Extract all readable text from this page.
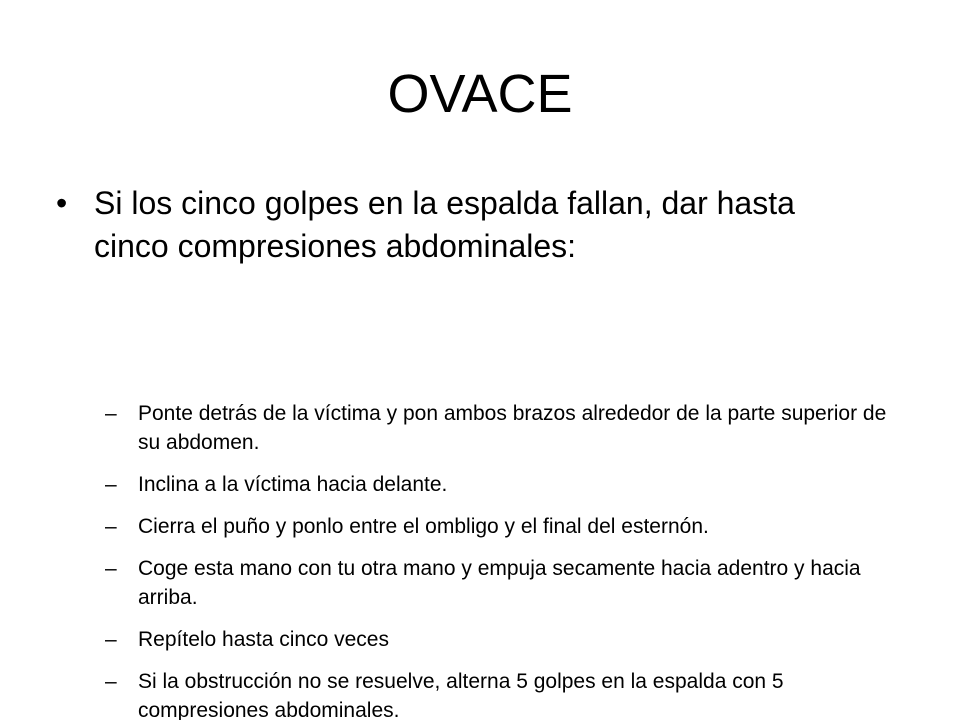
OVACE
• Si los cinco golpes en la espalda fallan, dar hasta cinco compresiones abdominales:
–	Ponte detrás de la víctima y pon ambos brazos alrededor de la parte superior de su abdomen.
–	Inclina a la víctima hacia delante.
–	Cierra el puño y ponlo entre el ombligo y el final del esternón.
–	Coge esta mano con tu otra mano y empuja secamente hacia adentro y hacia arriba.
–	Repítelo hasta cinco veces
–	Si la obstrucción no se resuelve, alterna 5 golpes en la espalda con 5 compresiones abdominales.
